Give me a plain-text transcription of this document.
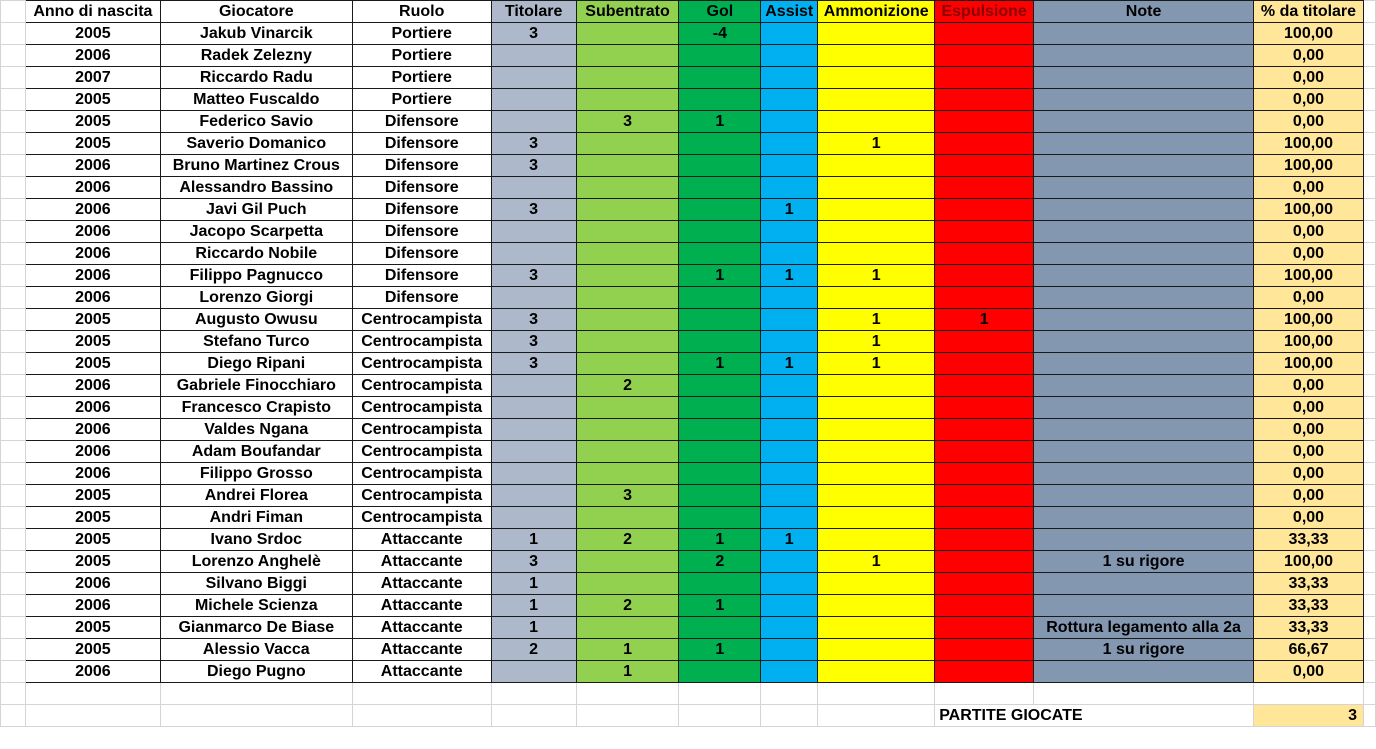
	Anno di nascita	Giocatore	Ruolo	Titolare	Subentrato	Gol	Assist	Ammonizione	Espulsione	Note	% da titolare	
	2005	Jakub Vinarcik	Portiere	3		-4					100,00	
	2006	Radek Zelezny	Portiere								0,00	
	2007	Riccardo Radu	Portiere								0,00	
	2005	Matteo Fuscaldo	Portiere								0,00	
	2005	Federico Savio	Difensore		3	1					0,00	
	2005	Saverio Domanico	Difensore	3				1			100,00	
	2006	Bruno Martinez Crous	Difensore	3							100,00	
	2006	Alessandro Bassino	Difensore								0,00	
	2006	Javi Gil Puch	Difensore	3			1				100,00	
	2006	Jacopo Scarpetta	Difensore								0,00	
	2006	Riccardo Nobile	Difensore								0,00	
	2006	Filippo Pagnucco	Difensore	3		1	1	1			100,00	
	2006	Lorenzo Giorgi	Difensore								0,00	
	2005	Augusto Owusu	Centrocampista	3				1	1		100,00	
	2005	Stefano Turco	Centrocampista	3				1			100,00	
	2005	Diego Ripani	Centrocampista	3		1	1	1			100,00	
	2006	Gabriele Finocchiaro	Centrocampista		2						0,00	
	2006	Francesco Crapisto	Centrocampista								0,00	
	2006	Valdes Ngana	Centrocampista								0,00	
	2006	Adam Boufandar	Centrocampista								0,00	
	2006	Filippo Grosso	Centrocampista								0,00	
	2005	Andrei Florea	Centrocampista		3						0,00	
	2005	Andri Fiman	Centrocampista								0,00	
	2005	Ivano Srdoc	Attaccante	1	2	1	1				33,33	
	2005	Lorenzo Anghelè	Attaccante	3		2		1		1 su rigore	100,00	
	2006	Silvano Biggi	Attaccante	1							33,33	
	2006	Michele Scienza	Attaccante	1	2	1					33,33	
	2005	Gianmarco De Biase	Attaccante	1						Rottura legamento alla 2a	33,33	
	2005	Alessio Vacca	Attaccante	2	1	1				1 su rigore	66,67	
	2006	Diego Pugno	Attaccante		1						0,00	

									PARTITE GIOCATE		3	
